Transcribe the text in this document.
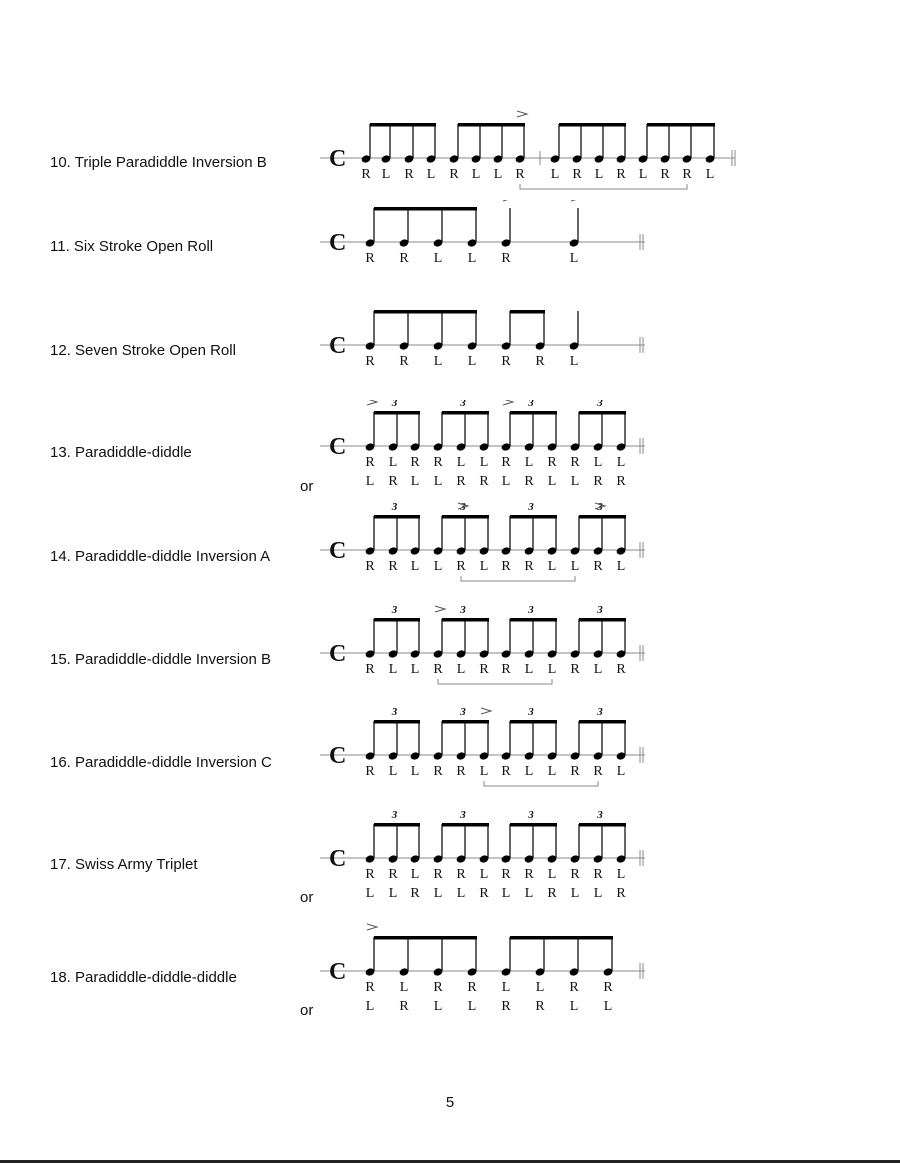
10. Triple Paradiddle Inversion B	C
R L R L R L L R L R L R L R R L
11. Six Stroke Open Roll	C
R R L L R	L
12. Seven Stroke Open Roll	C
R R L L R R L
13. Paradiddle-diddle
or
C
3	3	3	3
R L R R L L R L R R L L
L R L L R R L R L L R R
14. Paradiddle-diddle Inversion A C
3	3	3	3
R R L L R L R R L L R L
15. Paradiddle-diddle Inversion B C
3	3	3	3
R L L R L R R L L R L R
16. Paradiddle-diddle Inversion C C
3	3	3	3
R L L R R L R L L R R L
17. Swiss Army Triplet
or
C
3	3	3	3
R R L R R L R R L R R L
L L R L L R L L R L L R
18. Paradiddle-diddle-diddle
or
C
R L R R L L R R
L R L L R R L L
5
